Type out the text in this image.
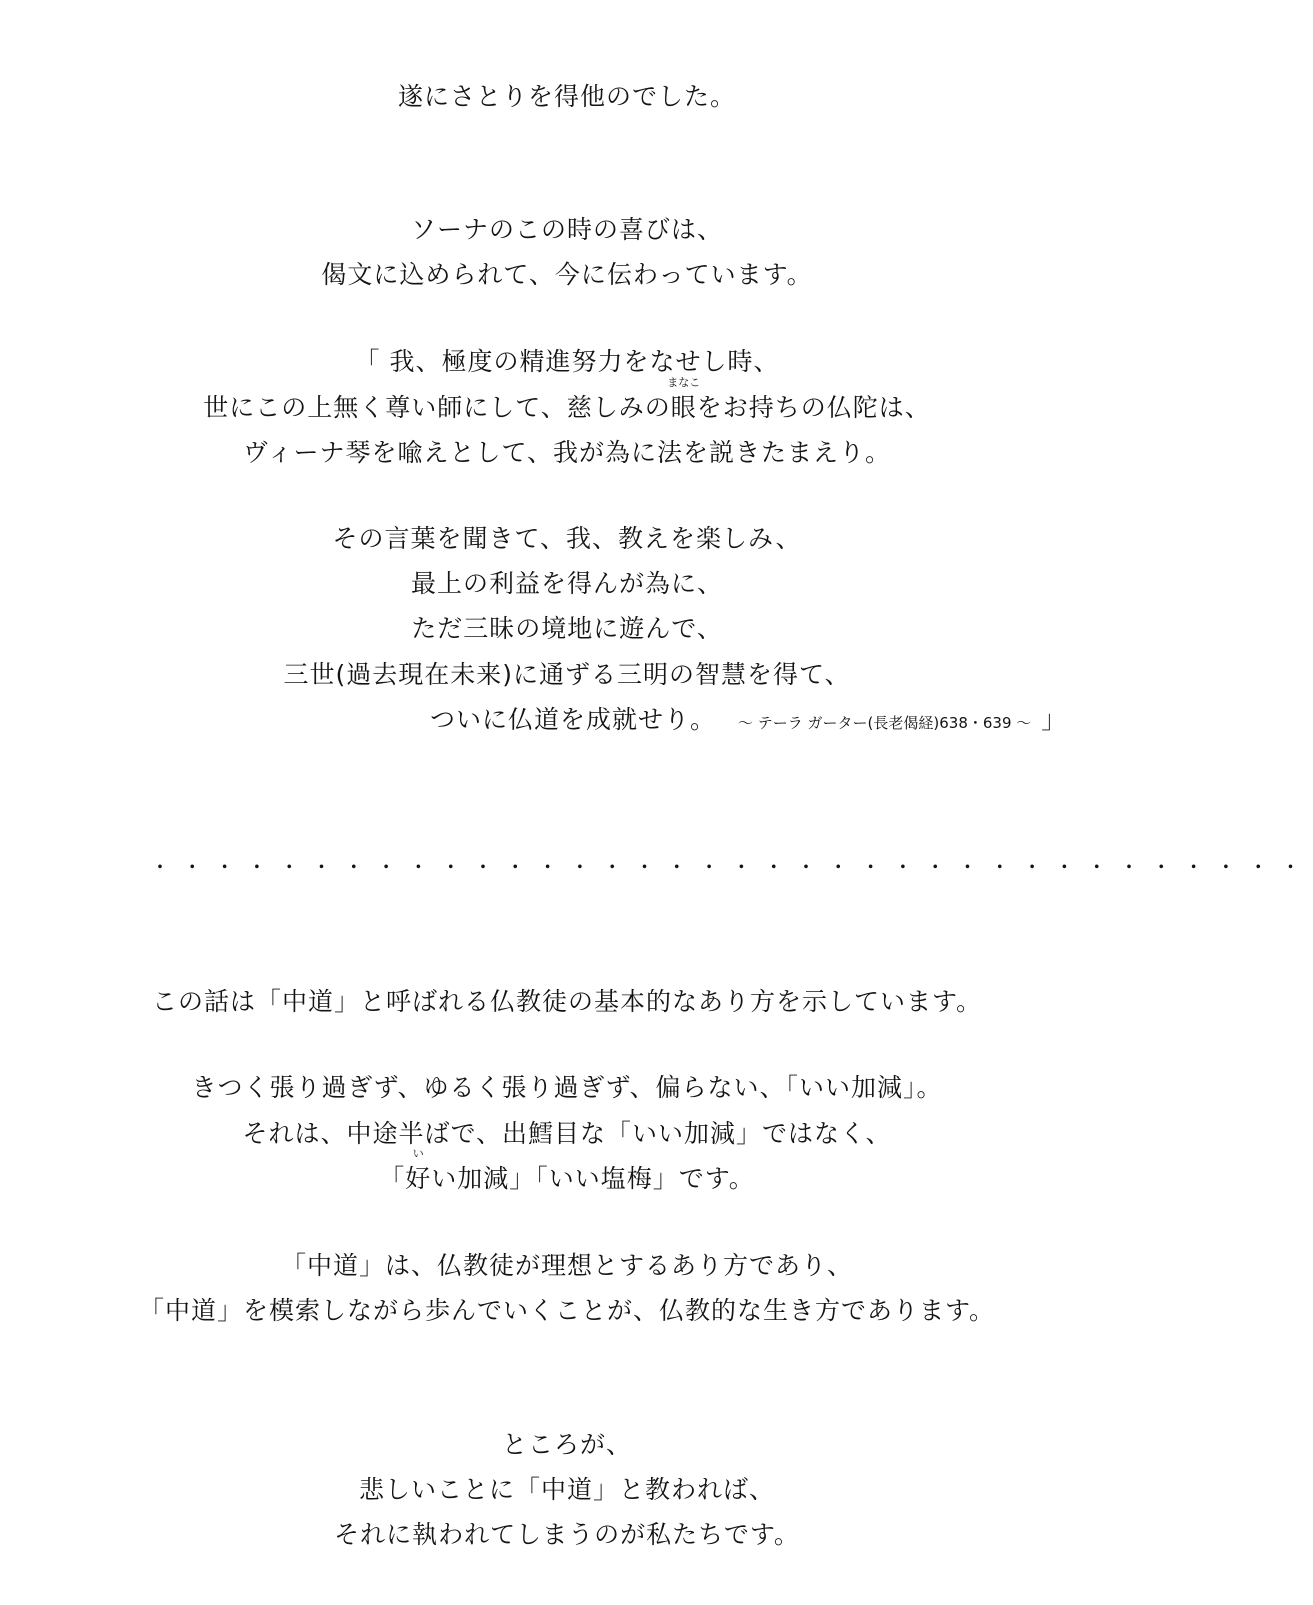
遂にさとりを得他のでした。
ソーナのこの時の喜びは、
偈文に込められて、今に伝わっています。
「 我、極度の精進努力をなせし時、
世にこの上無く尊い師にして、慈しみの
まなこ
眼をお持ちの仏陀は、
ヴィーナ琴を喩えとして、我が為に法を説きたまえり。
その言葉を聞きて、我、教えを楽しみ、
最上の利益を得んが為に、
ただ三昧の境地に遊んで、
三世(過去現在未来)に通ずる三明の智慧を得て、
ついに仏道を成就せり。 ～ テーラ ガーター(長老偈経)638・639 ～ 」
・・・・・・・・・・・・・・・・・・・・・・・・・・・・・・・・・・・・
この話は「中道」と呼ばれる仏教徒の基本的なあり方を示しています。
きつく張り過ぎず、ゆるく張り過ぎず、偏らない、「いい加減」。
それは、中途半ばで、出鱈目な「いい加減」ではなく、
「
い
好い加減」「いい塩梅」です。
「中道」は、仏教徒が理想とするあり方であり、
「中道」を模索しながら歩んでいくことが、仏教的な生き方であります。
ところが、
悲しいことに「中道」と教われば、
それに執われてしまうのが私たちです。
